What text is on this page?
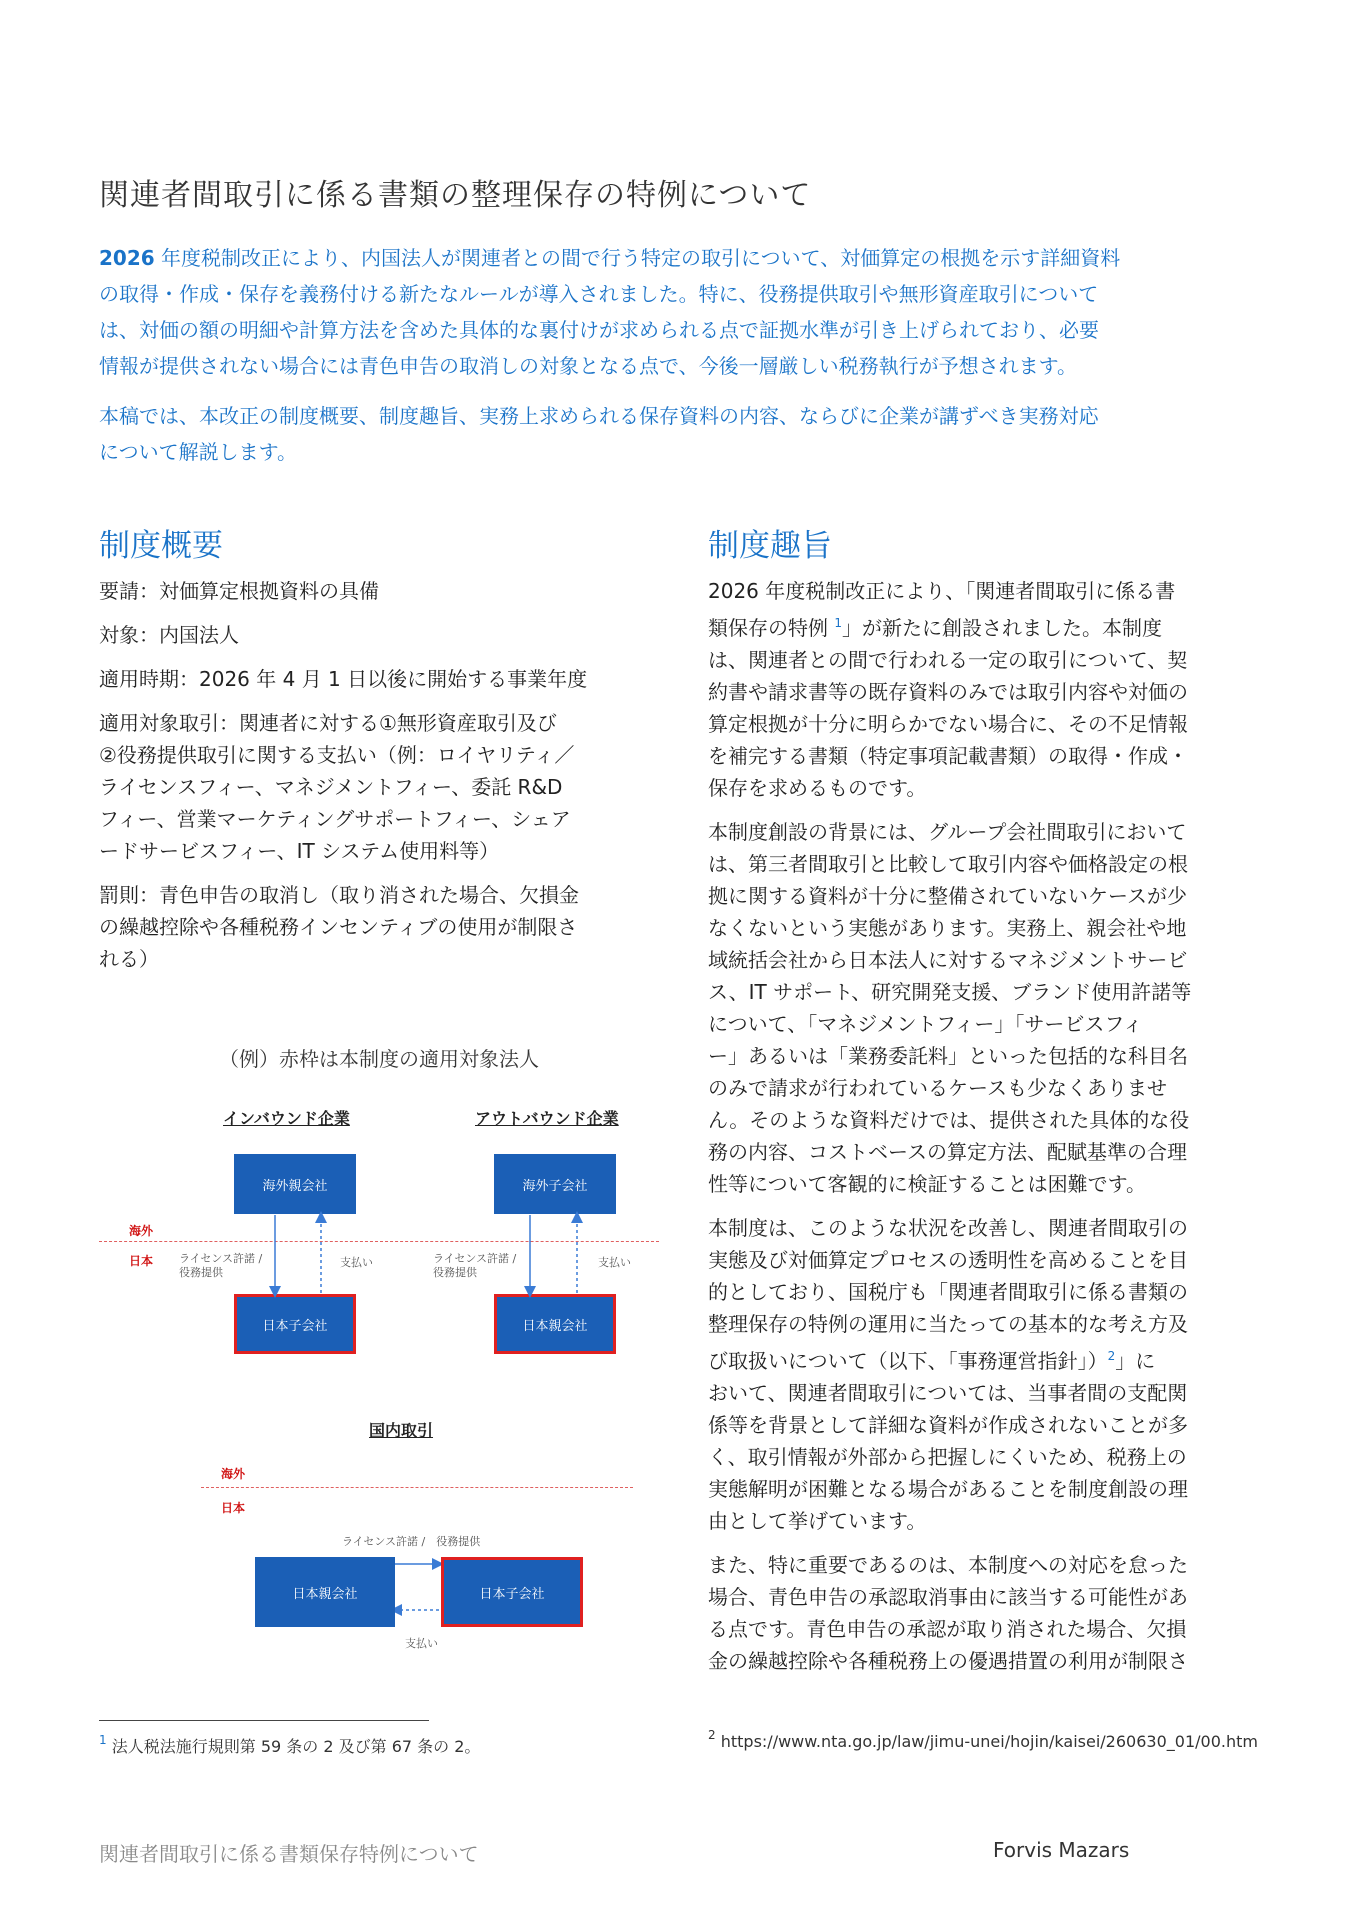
関連者間取引に係る書類の整理保存の特例について
2026 年度税制改正により、内国法人が関連者との間で行う特定の取引について、対価算定の根拠を示す詳細資料
の取得・作成・保存を義務付ける新たなルールが導入されました。特に、役務提供取引や無形資産取引について
は、対価の額の明細や計算方法を含めた具体的な裏付けが求められる点で証拠水準が引き上げられており、必要
情報が提供されない場合には青色申告の取消しの対象となる点で、今後一層厳しい税務執行が予想されます。
本稿では、本改正の制度概要、制度趣旨、実務上求められる保存資料の内容、ならびに企業が講ずべき実務対応
について解説します。
制度概要	制度趣旨

要請：対価算定根拠資料の具備

対象：内国法人

適用時期：2026 年 4 月 1 日以後に開始する事業年度

適用対象取引：関連者に対する①無形資産取引及び
②役務提供取引に関する支払い（例：ロイヤリティ／
ライセンスフィー、マネジメントフィー、委託 R&D
フィー、営業マーケティングサポートフィー、シェア
ードサービスフィー、IT システム使用料等）

罰則：青色申告の取消し（取り消された場合、欠損金
の繰越控除や各種税務インセンティブの使用が制限さ
れる）

（例）赤枠は本制度の適用対象法人
インバウンド企業
海外親会社
日本子会社
アウトバウンド企業
海外子会社
日本親会社
海外
日本 ライセンス許諾 /
役務提供
支払い	ライセンス許諾 /
役務提供
支払い
国内取引
海外
日本
ライセンス許諾 /　役務提供
日本親会社	日本子会社
支払い

2026 年度税制改正により、「関連者間取引に係る書
類保存の特例 $^1$」が新たに創設されました。本制度
は、関連者との間で行われる一定の取引について、契
約書や請求書等の既存資料のみでは取引内容や対価の
算定根拠が十分に明らかでない場合に、その不足情報
を補完する書類（特定事項記載書類）の取得・作成・
保存を求めるものです。

本制度創設の背景には、グループ会社間取引において
は、第三者間取引と比較して取引内容や価格設定の根
拠に関する資料が十分に整備されていないケースが少
なくないという実態があります。実務上、親会社や地
域統括会社から日本法人に対するマネジメントサービ
ス、IT サポート、研究開発支援、ブランド使用許諾等
について、「マネジメントフィー」「サービスフィ
ー」あるいは「業務委託料」といった包括的な科目名
のみで請求が行われているケースも少なくありませ
ん。そのような資料だけでは、提供された具体的な役
務の内容、コストベースの算定方法、配賦基準の合理
性等について客観的に検証することは困難です。

本制度は、このような状況を改善し、関連者間取引の
実態及び対価算定プロセスの透明性を高めることを目
的としており、国税庁も「関連者間取引に係る書類の
整理保存の特例の運用に当たっての基本的な考え方及
び取扱いについて（以下、「事務運営指針」）$^2$」に
おいて、関連者間取引については、当事者間の支配関
係等を背景として詳細な資料が作成されないことが多
く、取引情報が外部から把握しにくいため、税務上の
実態解明が困難となる場合があることを制度創設の理
由として挙げています。

また、特に重要であるのは、本制度への対応を怠った
場合、青色申告の承認取消事由に該当する可能性があ
る点です。青色申告の承認が取り消された場合、欠損
金の繰越控除や各種税務上の優遇措置の利用が制限さ

$^1$ 法人税法施行規則第 59 条の 2 及び第 67 条の 2。
$^2$ https://www.nta.go.jp/law/jimu-unei/hojin/kaisei/260630_01/00.htm
関連者間取引に係る書類保存特例について	Forvis Mazars
